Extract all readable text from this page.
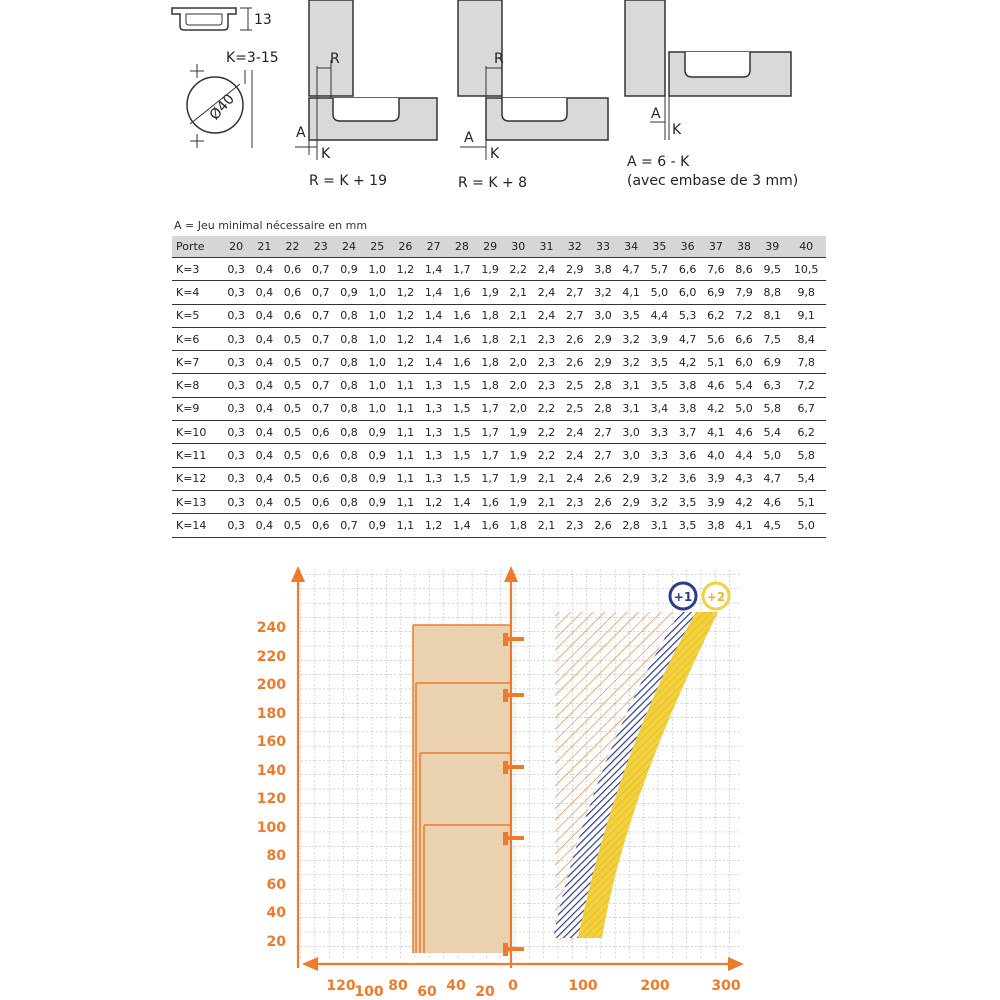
13
K=3-15
Ø40
R
A
K
R = K + 19
R
A
K
R = K + 8
A
K
A = 6 - K
(avec embase de 3 mm)
A = Jeu minimal nécessaire en mm
Porte	20	21	22	23	24	25	26	27	28	29	30	31	32	33	34	35	36	37	38	39	40
K=3	0,3	0,4	0,6	0,7	0,9	1,0	1,2	1,4	1,7	1,9	2,2	2,4	2,9	3,8	4,7	5,7	6,6	7,6	8,6	9,5	10,5
K=4	0,3	0,4	0,6	0,7	0,9	1,0	1,2	1,4	1,6	1,9	2,1	2,4	2,7	3,2	4,1	5,0	6,0	6,9	7,9	8,8	9,8
K=5	0,3	0,4	0,6	0,7	0,8	1,0	1,2	1,4	1,6	1,8	2,1	2,4	2,7	3,0	3,5	4,4	5,3	6,2	7,2	8,1	9,1
K=6	0,3	0,4	0,5	0,7	0,8	1,0	1,2	1,4	1,6	1,8	2,1	2,3	2,6	2,9	3,2	3,9	4,7	5,6	6,6	7,5	8,4
K=7	0,3	0,4	0,5	0,7	0,8	1,0	1,2	1,4	1,6	1,8	2,0	2,3	2,6	2,9	3,2	3,5	4,2	5,1	6,0	6,9	7,8
K=8	0,3	0,4	0,5	0,7	0,8	1,0	1,1	1,3	1,5	1,8	2,0	2,3	2,5	2,8	3,1	3,5	3,8	4,6	5,4	6,3	7,2
K=9	0,3	0,4	0,5	0,7	0,8	1,0	1,1	1,3	1,5	1,7	2,0	2,2	2,5	2,8	3,1	3,4	3,8	4,2	5,0	5,8	6,7
K=10	0,3	0,4	0,5	0,6	0,8	0,9	1,1	1,3	1,5	1,7	1,9	2,2	2,4	2,7	3,0	3,3	3,7	4,1	4,6	5,4	6,2
K=11	0,3	0,4	0,5	0,6	0,8	0,9	1,1	1,3	1,5	1,7	1,9	2,2	2,4	2,7	3,0	3,3	3,6	4,0	4,4	5,0	5,8
K=12	0,3	0,4	0,5	0,6	0,8	0,9	1,1	1,3	1,5	1,7	1,9	2,1	2,4	2,6	2,9	3,2	3,6	3,9	4,3	4,7	5,4
K=13	0,3	0,4	0,5	0,6	0,8	0,9	1,1	1,2	1,4	1,6	1,9	2,1	2,3	2,6	2,9	3,2	3,5	3,9	4,2	4,6	5,1
K=14	0,3	0,4	0,5	0,6	0,7	0,9	1,1	1,2	1,4	1,6	1,8	2,1	2,3	2,6	2,8	3,1	3,5	3,8	4,1	4,5	5,0
240
220
200
180
160
140
120
100
80
60
40
20
120
100 80 60 40 20 0	100	200	300
+1 +2
